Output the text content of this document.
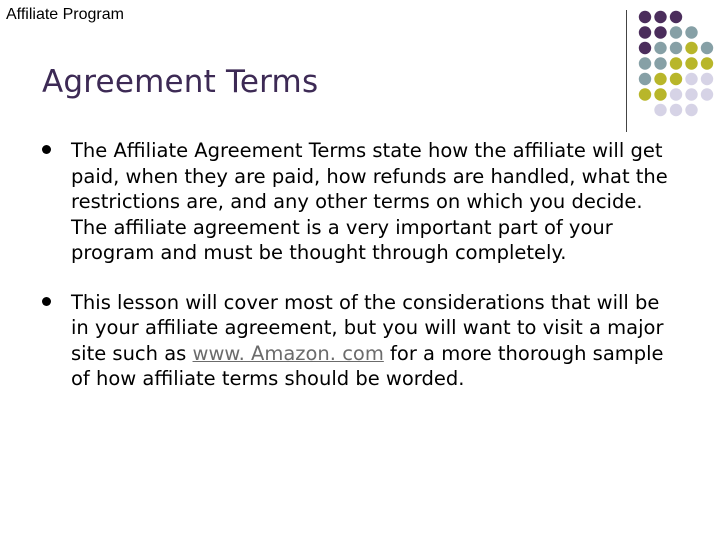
Affiliate Program
Agreement Terms
The Affiliate Agreement Terms state how the affiliate will get paid, when they are paid, how refunds are handled, what the restrictions are, and any other terms on which you decide. The affiliate agreement is a very important part of your program and must be thought through completely.
This lesson will cover most of the considerations that will be in your affiliate agreement, but you will want to visit a major site such as www. Amazon. com for a more thorough sample of how affiliate terms should be worded.
